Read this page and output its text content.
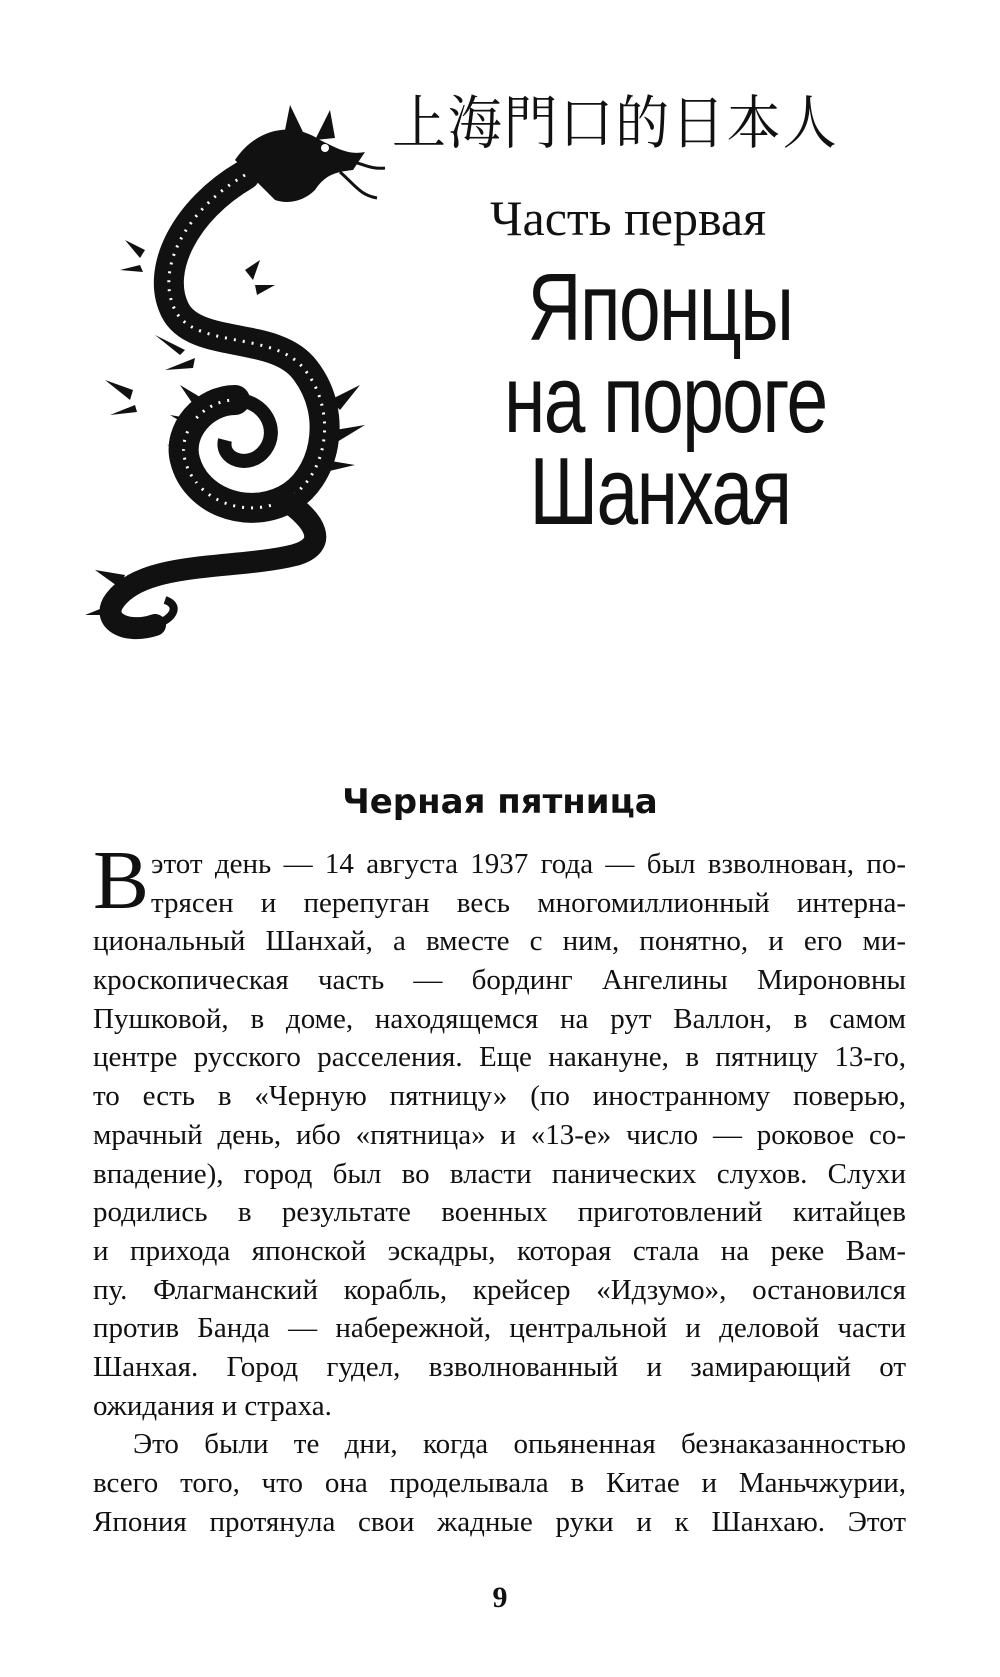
上海門口的日本人
Часть первая
Японцы
на пороге
Шанхая
Черная пятница
В этот день — 14 августа 1937 года — был взволнован, по-
трясен и перепуган весь многомиллионный интерна-
циональный Шанхай, а вместе с ним, понятно, и его ми-
кроскопическая часть — бординг Ангелины Мироновны
Пушковой, в доме, находящемся на рут Валлон, в самом
центре русского расселения. Еще накануне, в пятницу 13-го,
то есть в «Черную пятницу» (по иностранному поверью,
мрачный день, ибо «пятница» и «13-е» число — роковое со-
впадение), город был во власти панических слухов. Слухи
родились в результате военных приготовлений китайцев
и прихода японской эскадры, которая стала на реке Вам-
пу. Флагманский корабль, крейсер «Идзумо», остановился
против Банда — набережной, центральной и деловой части
Шанхая. Город гудел, взволнованный и замирающий от
ожидания и страха.
Это были те дни, когда опьяненная безнаказанностью
всего того, что она проделывала в Китае и Маньчжурии,
Япония протянула свои жадные руки и к Шанхаю. Этот
9
